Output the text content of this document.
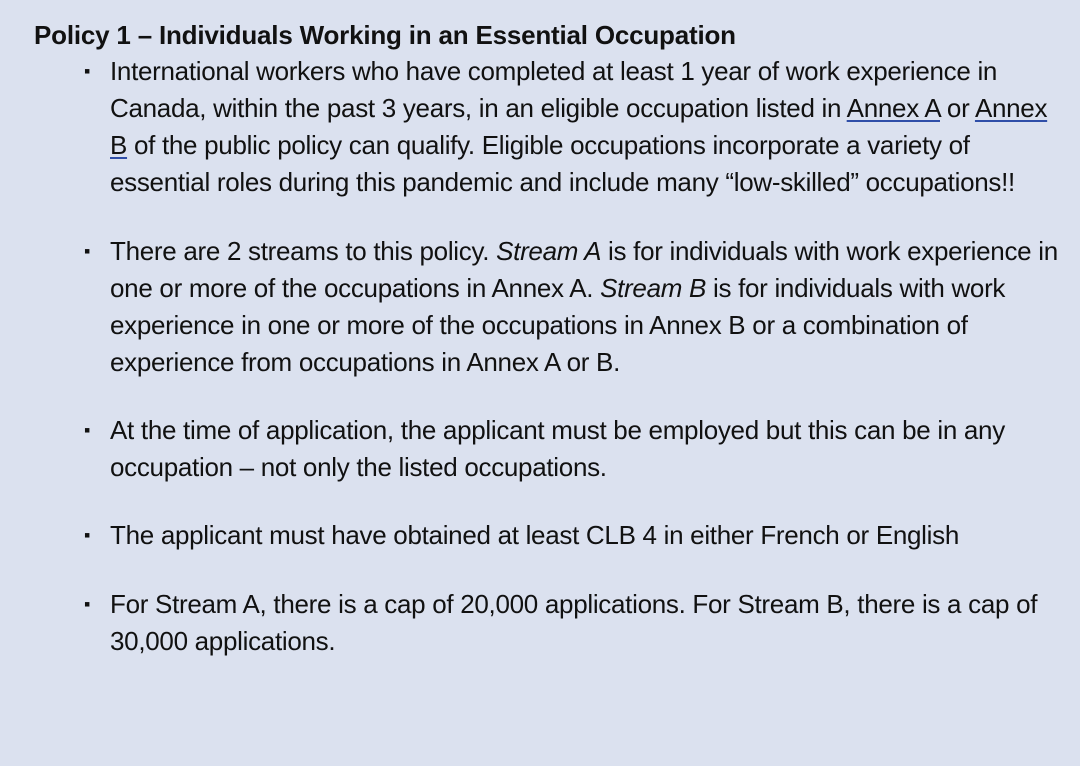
Policy 1 – Individuals Working in an Essential Occupation
▪ International workers who have completed at least 1 year of work experience in Canada, within the past 3 years, in an eligible occupation listed in Annex A or Annex B of the public policy can qualify. Eligible occupations incorporate a variety of essential roles during this pandemic and include many “low-skilled” occupations!!
▪ There are 2 streams to this policy. Stream A is for individuals with work experience in one or more of the occupations in Annex A. Stream B is for individuals with work experience in one or more of the occupations in Annex B or a combination of experience from occupations in Annex A or B.
▪ At the time of application, the applicant must be employed but this can be in any occupation – not only the listed occupations.
▪ The applicant must have obtained at least CLB 4 in either French or English
▪ For Stream A, there is a cap of 20,000 applications. For Stream B, there is a cap of 30,000 applications.
